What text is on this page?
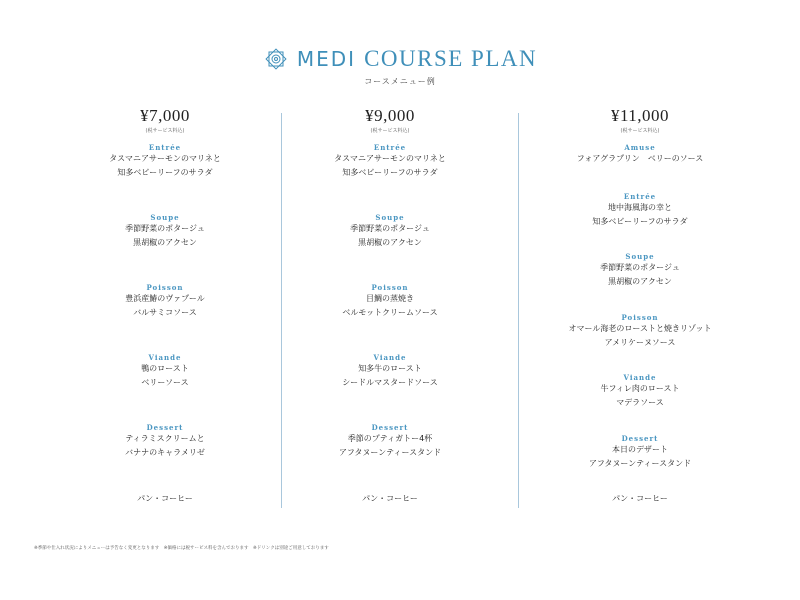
MEDI COURSE PLAN
コースメニュー例
¥7,000
(税サービス料込)
Entrée
タスマニアサーモンのマリネと
知多ベビーリーフのサラダ
Soupe
季節野菜のポタージュ
黒胡椒のアクセン
Poisson
豊浜産鰆のヴァプール
バルサミコソース
Viande
鴨のロースト
ベリーソース
Dessert
ティラミスクリームと
バナナのキャラメリゼ
パン・コーヒー
¥9,000
(税サービス料込)
Entrée
タスマニアサーモンのマリネと
知多ベビーリーフのサラダ
Soupe
季節野菜のポタージュ
黒胡椒のアクセン
Poisson
目鯛の蒸焼き
ベルモットクリームソース
Viande
知多牛のロースト
シードルマスタードソース
Dessert
季節のプティガトー4杯
アフタヌーンティースタンド
パン・コーヒー
¥11,000
(税サービス料込)
Amuse
フォアグラプリン　ベリーのソース
Entrée
地中海風海の幸と
知多ベビーリーフのサラダ
Soupe
季節野菜のポタージュ
黒胡椒のアクセン
Poisson
オマール海老のローストと焼きリゾット
アメリケーヌソース
Viande
牛フィレ肉のロースト
マデラソース
Dessert
本日のデザート
アフタヌーンティースタンド
パン・コーヒー
※季節や仕入れ状況によりメニューは予告なく変更となります　※価格には税サービス料を含んでおります　※ドリンクは別途ご用意しております
